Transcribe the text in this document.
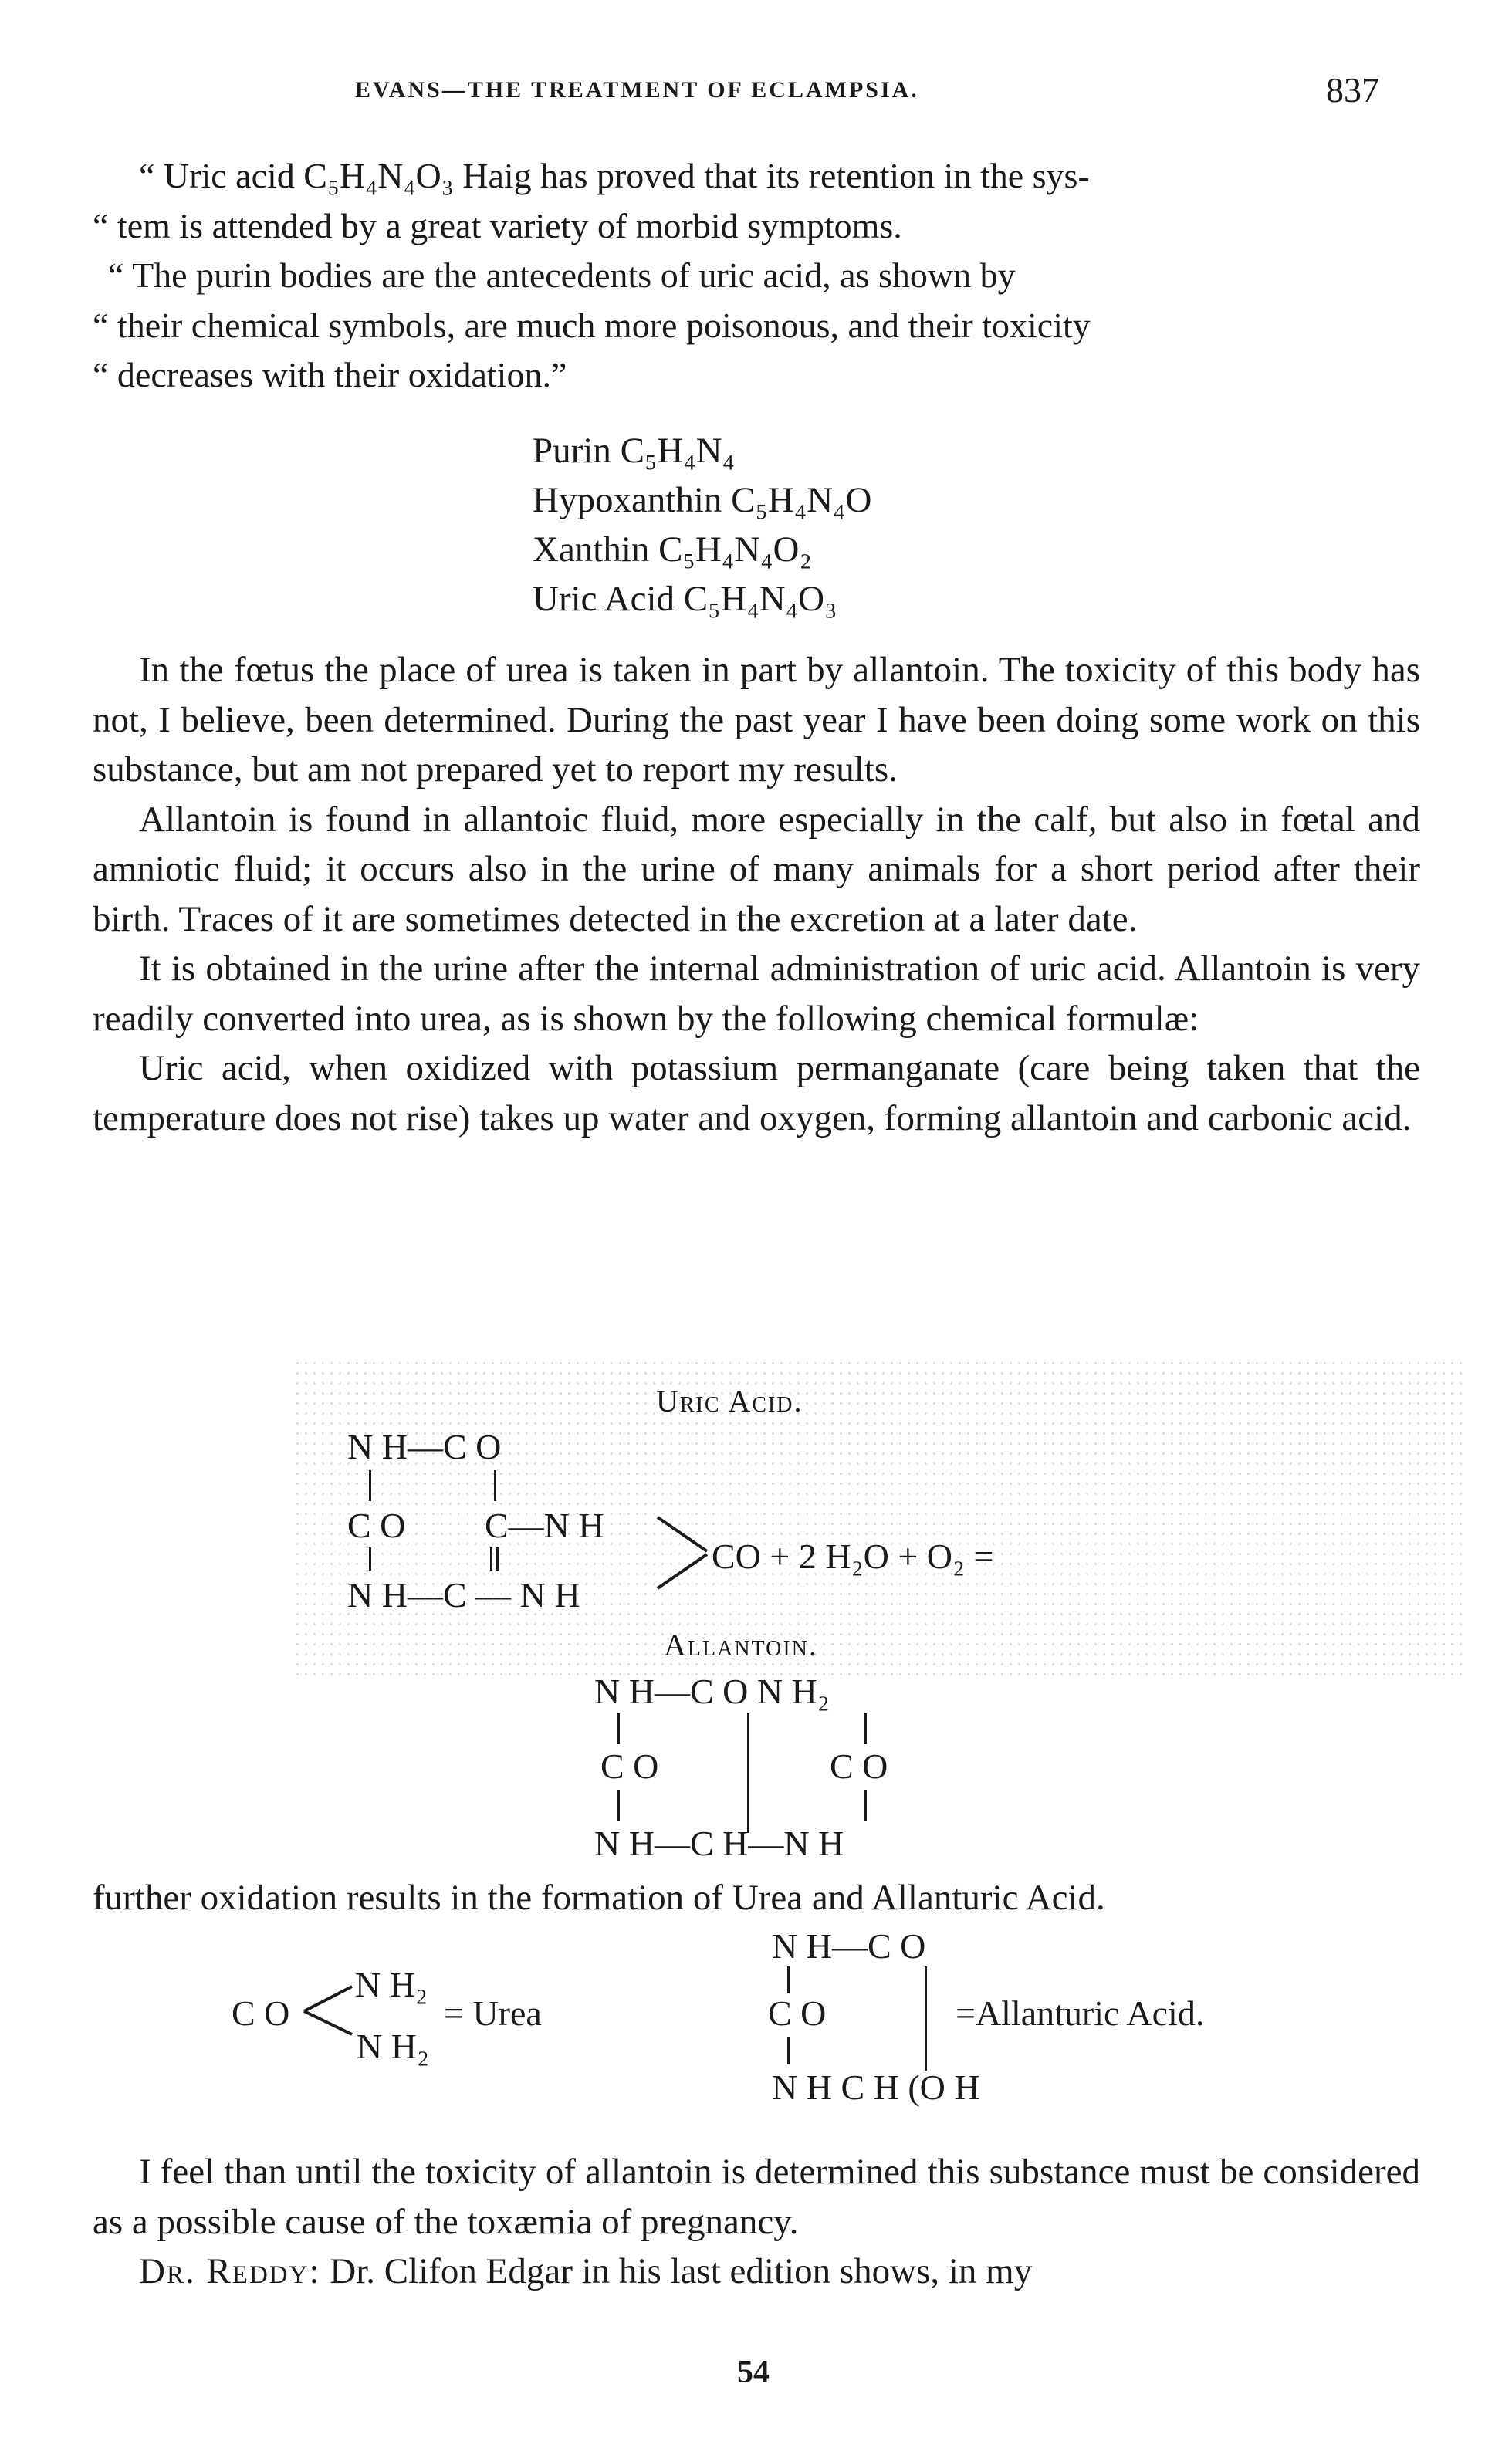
EVANS—THE TREATMENT OF ECLAMPSIA.	837
“ Uric acid C₅H₄N₄O₃ Haig has proved that its retention in the sys-
“ tem is attended by a great variety of morbid symptoms.
“ The purin bodies are the antecedents of uric acid, as shown by
“ their chemical symbols, are much more poisonous, and their toxicity
“ decreases with their oxidation.”
Purin C₅H₄N₄
Hypoxanthin C₅H₄N₄O
Xanthin C₅H₄N₄O₂
Uric Acid C₅H₄N₄O₃

In the fœtus the place of urea is taken in part by allantoin. The toxicity of this body has not, I believe, been determined. During the past year I have been doing some work on this substance, but am not prepared yet to report my results.

Allantoin is found in allantoic fluid, more especially in the calf, but also in fœtal and amniotic fluid; it occurs also in the urine of many animals for a short period after their birth. Traces of it are sometimes detected in the excretion at a later date.

It is obtained in the urine after the internal administration of uric acid. Allantoin is very readily converted into urea, as is shown by the following chemical formulæ:

Uric acid, when oxidized with potassium permanganate (care being taken that the temperature does not rise) takes up water and oxygen, forming allantoin and carbonic acid.

Uric Acid.
N H—C O
C O C—N H
N H—C — N H
CO + 2 H₂O + O₂ =
Allantoin.
N H—C O N H₂
C O	C O
N H—C H—N H
further oxidation results in the formation of Urea and Allanturic Acid.
N H₂
C O
N H₂
= Urea
N H—C O
C O	=Allanturic Acid.
N H C H (O H

I feel than until the toxicity of allantoin is determined this substance must be considered as a possible cause of the toxæmia of pregnancy.

Dr. Reddy: Dr. Clifon Edgar in his last edition shows, in my

54
